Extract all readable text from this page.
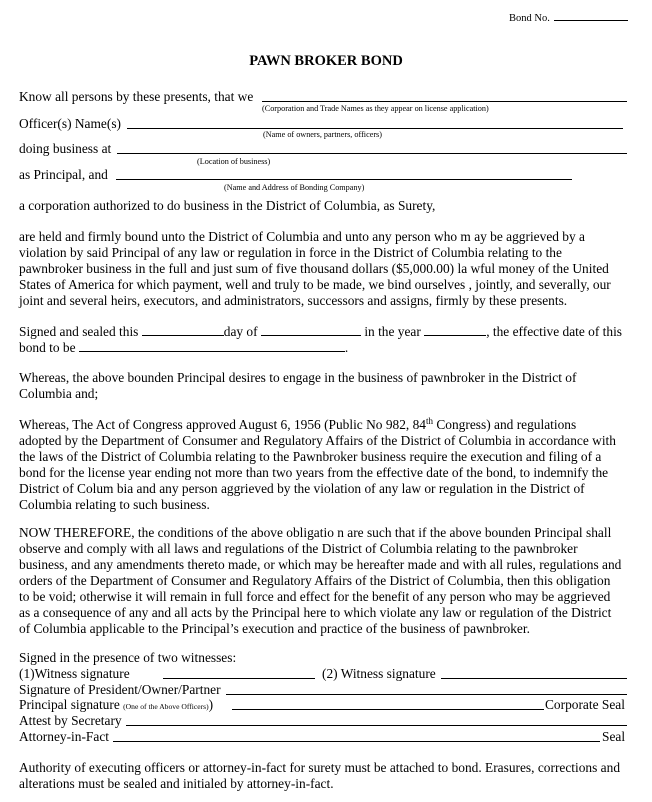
Bond No.
PAWN BROKER BOND
Know all persons by these presents, that we
(Corporation and Trade Names as they appear on license application)
Officer(s) Name(s)
(Name of owners, partners, officers)
doing business at
(Location of business)
as Principal, and
(Name and Address of Bonding Company)
a corporation authorized to do business in the District of Columbia, as Surety,
are held and firmly bound unto the District of Columbia and unto any person who m ay be aggrieved by a
violation by said Principal of any law or regulation in force in the District of Columbia relating to the
pawnbroker business in the full and just sum of five thousand dollars ($5,000.00) la wful money of the United
States of America for which payment, well and truly to be made, we bind ourselves , jointly, and severally, our
joint and several heirs, executors, and administrators, successors and assigns, firmly by these presents.
Signed and sealed this	day of	in the year	, the effective date of this
bond to be	.
Whereas, the above bounden Principal desires to engage in the business of pawnbroker in the District of
Columbia and;
Whereas, The Act of Congress approved August 6, 1956 (Public No 982, 84th Congress) and regulations
adopted by the Department of Consumer and Regulatory Affairs of the District of Columbia in accordance with
the laws of the District of Columbia relating to the Pawnbroker business require the execution and filing of a
bond for the license year ending not more than two years from the effective date of the bond, to indemnify the
District of Colum bia and any person aggrieved by the violation of any law or regulation in the District of
Columbia relating to such business.
NOW THEREFORE, the conditions of the above obligatio n are such that if the above bounden Principal shall
observe and comply with all laws and regulations of the District of Columbia relating to the pawnbroker
business, and any amendments thereto made, or which may be hereafter made and with all rules, regulations and
orders of the Department of Consumer and Regulatory Affairs of the District of Columbia, then this obligation
to be void; otherwise it will remain in full force and effect for the benefit of any person who may be aggrieved
as a consequence of any and all acts by the Principal here to which violate any law or regulation of the District
of Columbia applicable to the Principal’s execution and practice of the business of pawnbroker.
Signed in the presence of two witnesses:
(1)Witness signature	(2) Witness signature
Signature of President/Owner/Partner
Principal signature (One of the Above Officers))	Corporate Seal
Attest by Secretary
Attorney-in-Fact	Seal
Authority of executing officers or attorney-in-fact for surety must be attached to bond. Erasures, corrections and
alterations must be sealed and initialed by attorney-in-fact.
